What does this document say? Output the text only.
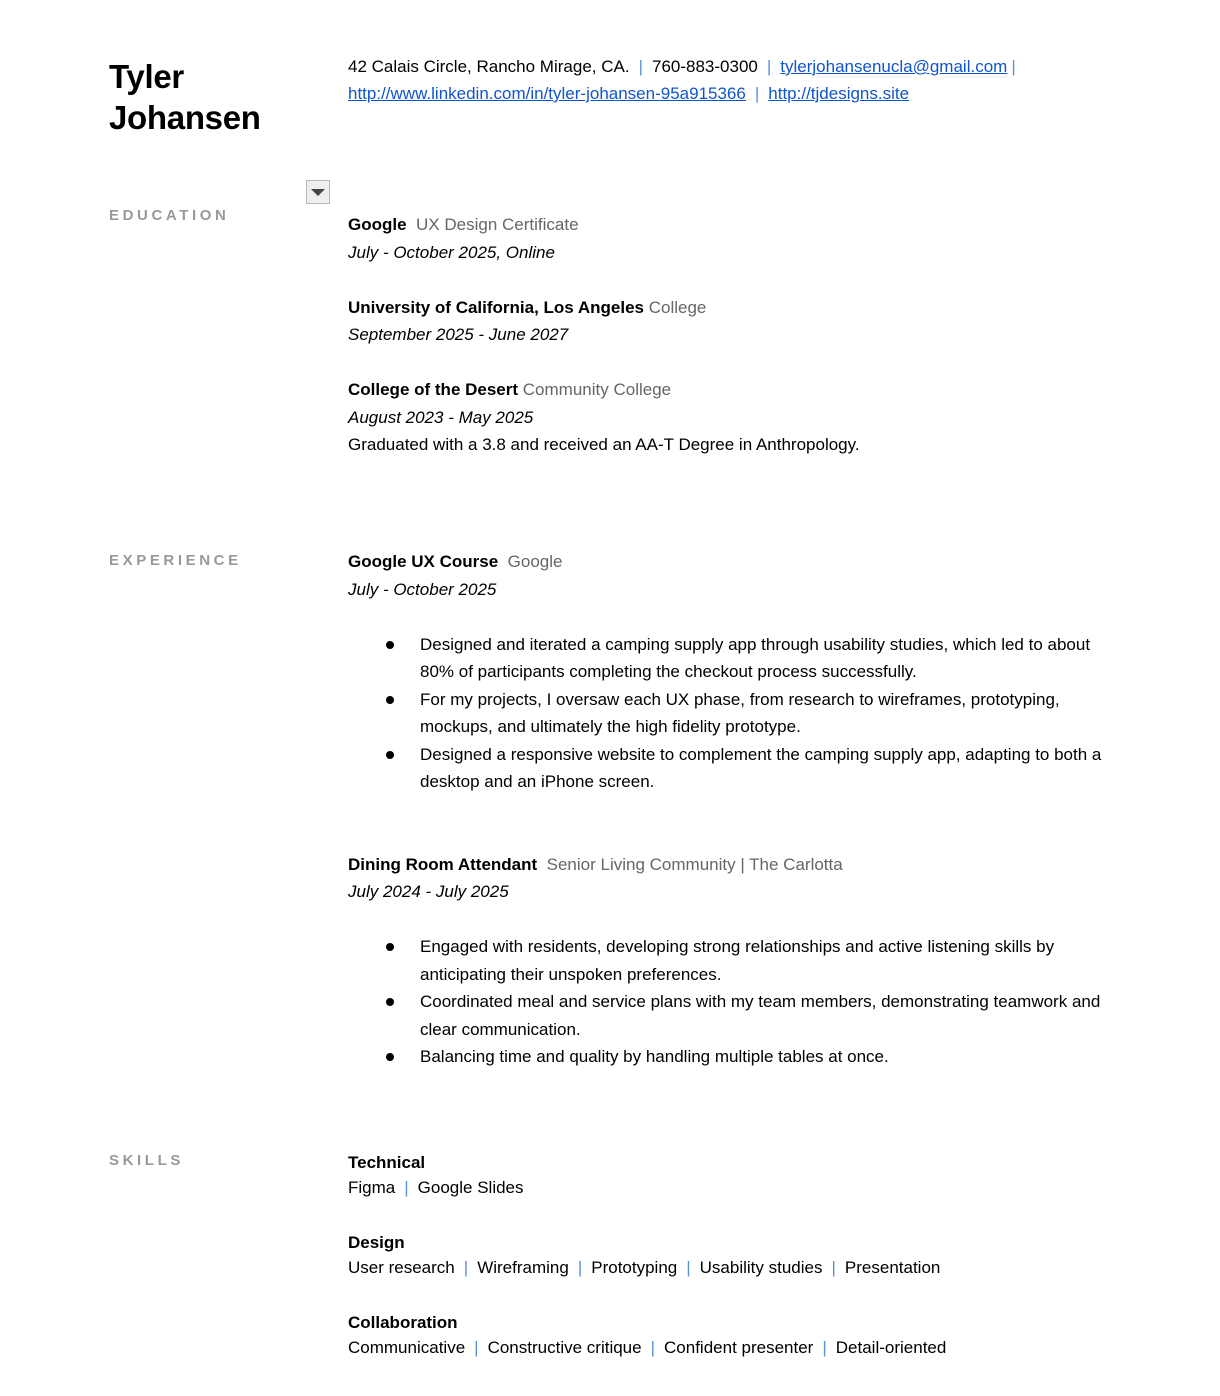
Tyler
Johansen
42 Calais Circle, Rancho Mirage, CA. | 760-883-0300 | tylerjohansenucla@gmail.com |
http://www.linkedin.com/in/tyler-johansen-95a915366 | http://tjdesigns.site
EDUCATION	Google UX Design Certificate
July - October 2025, Online
University of California, Los Angeles College
September 2025 - June 2027
College of the Desert Community College
August 2023 - May 2025
Graduated with a 3.8 and received an AA-T Degree in Anthropology.
EXPERIENCE	Google UX Course Google
July - October 2025
Designed and iterated a camping supply app through usability studies, which led to about 80% of participants completing the checkout process successfully.
For my projects, I oversaw each UX phase, from research to wireframes, prototyping, mockups, and ultimately the high fidelity prototype.
Designed a responsive website to complement the camping supply app, adapting to both a desktop and an iPhone screen.
Dining Room Attendant Senior Living Community | The Carlotta
July 2024 - July 2025
Engaged with residents, developing strong relationships and active listening skills by anticipating their unspoken preferences.
Coordinated meal and service plans with my team members, demonstrating teamwork and clear communication.
Balancing time and quality by handling multiple tables at once.
SKILLS	Technical
Figma | Google Slides
Design
User research | Wireframing | Prototyping | Usability studies | Presentation
Collaboration
Communicative | Constructive critique | Confident presenter | Detail-oriented
